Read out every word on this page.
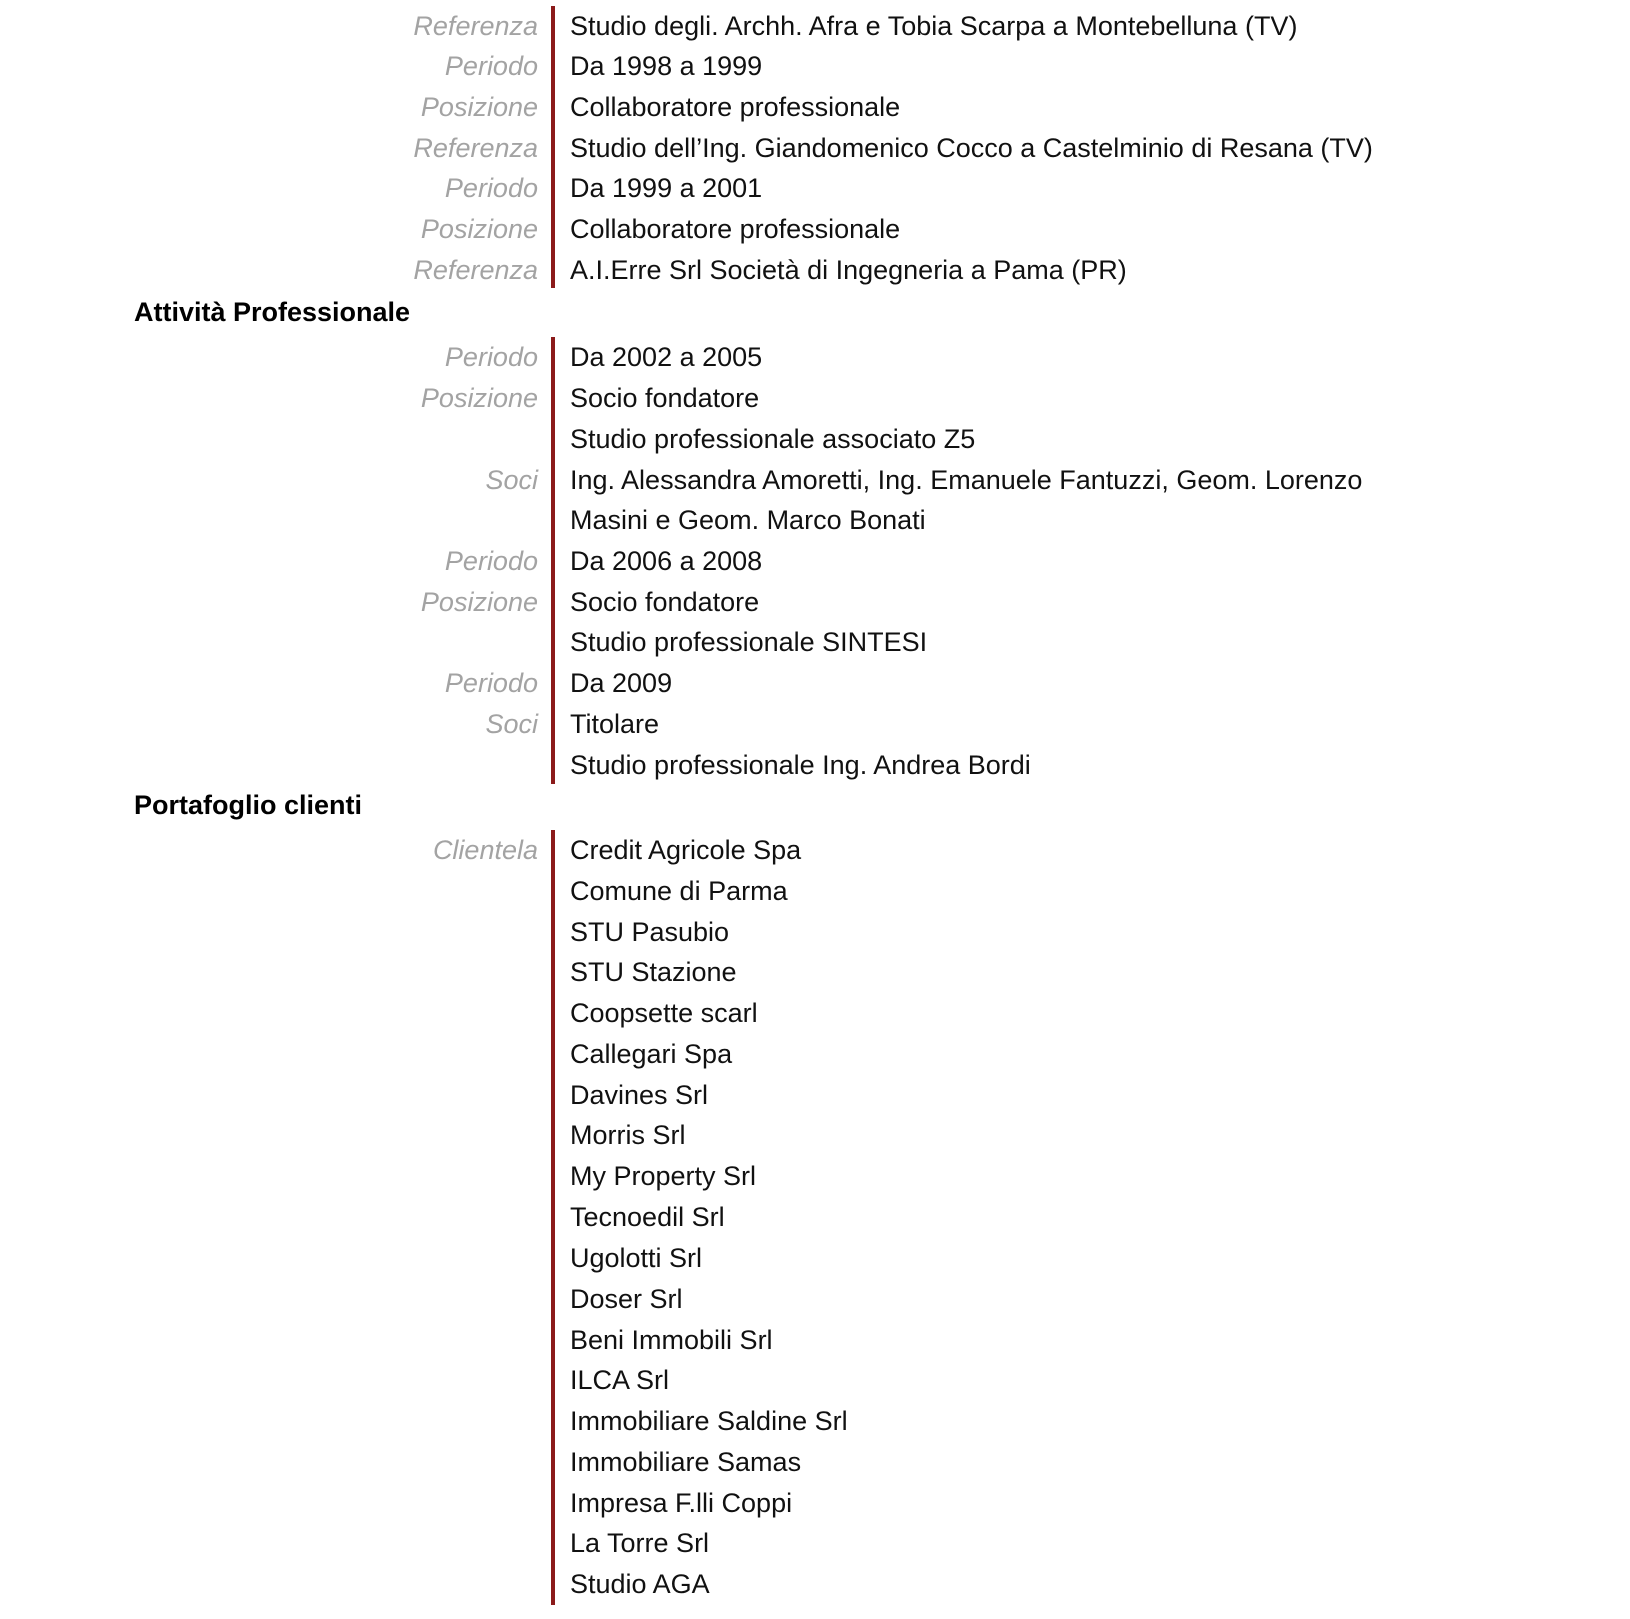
Referenza Studio degli. Archh. Afra e Tobia Scarpa a Montebelluna (TV)
Periodo Da 1998 a 1999
Posizione Collaboratore professionale
Referenza Studio dell’Ing. Giandomenico Cocco a Castelminio di Resana (TV)
Periodo Da 1999 a 2001
Posizione Collaboratore professionale
Referenza A.I.Erre Srl Società di Ingegneria a Pama (PR)
Attività Professionale
Periodo Da 2002 a 2005
Posizione Socio fondatore
Studio professionale associato Z5
Soci Ing. Alessandra Amoretti, Ing. Emanuele Fantuzzi, Geom. Lorenzo
Masini e Geom. Marco Bonati
Periodo Da 2006 a 2008
Posizione Socio fondatore
Studio professionale SINTESI
Periodo Da 2009
Soci Titolare
Studio professionale Ing. Andrea Bordi
Portafoglio clienti
Clientela Credit Agricole Spa
Comune di Parma
STU Pasubio
STU Stazione
Coopsette scarl
Callegari Spa
Davines Srl
Morris Srl
My Property Srl
Tecnoedil Srl
Ugolotti Srl
Doser Srl
Beni Immobili Srl
ILCA Srl
Immobiliare Saldine Srl
Immobiliare Samas
Impresa F.lli Coppi
La Torre Srl
Studio AGA
